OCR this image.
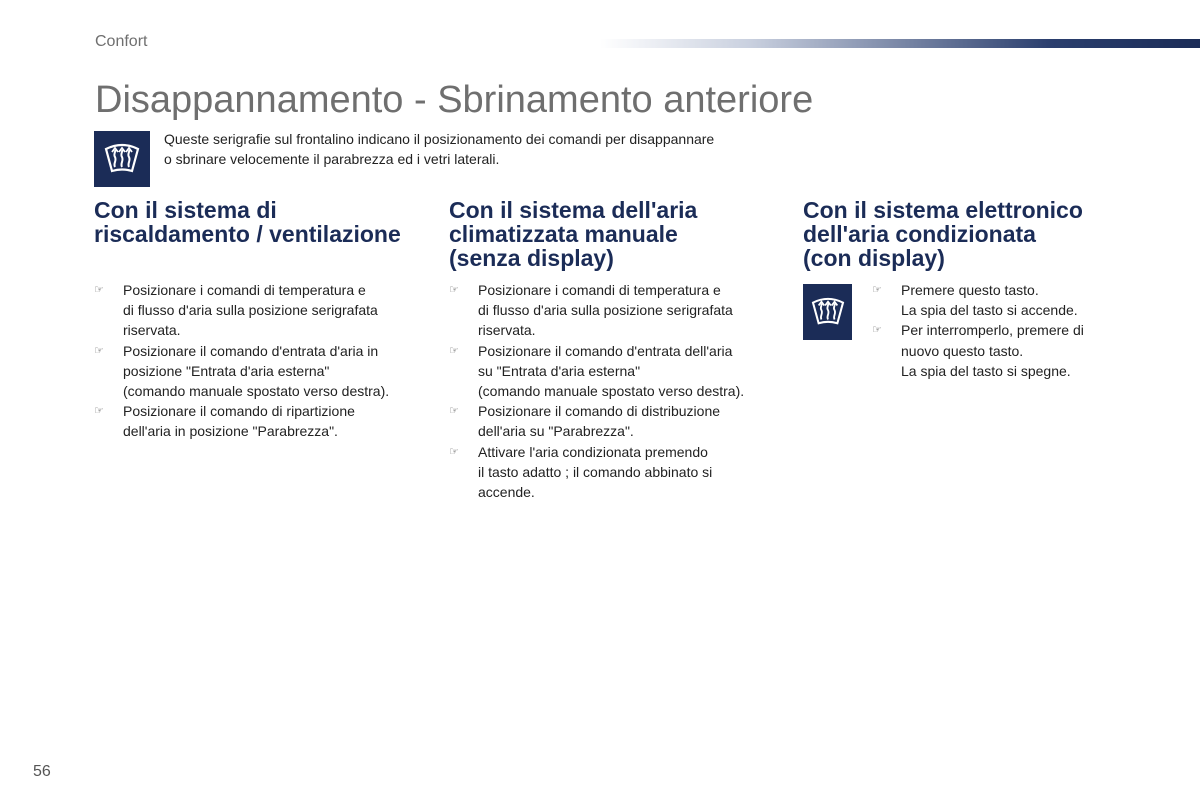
Confort
Disappannamento - Sbrinamento anteriore
Queste serigrafie sul frontalino indicano il posizionamento dei comandi per disappannare
o sbrinare velocemente il parabrezza ed i vetri laterali.
Con il sistema di
riscaldamento / ventilazione
☞ Posizionare i comandi di temperatura e
di flusso d'aria sulla posizione serigrafata
riservata.
☞ Posizionare il comando d'entrata d'aria in
posizione "Entrata d'aria esterna"
(comando manuale spostato verso destra).
☞ Posizionare il comando di ripartizione
dell'aria in posizione "Parabrezza".
Con il sistema dell'aria
climatizzata manuale
(senza display)
☞ Posizionare i comandi di temperatura e
di flusso d'aria sulla posizione serigrafata
riservata.
☞ Posizionare il comando d'entrata dell'aria
su "Entrata d'aria esterna"
(comando manuale spostato verso destra).
☞ Posizionare il comando di distribuzione
dell'aria su "Parabrezza".
☞ Attivare l'aria condizionata premendo
il tasto adatto ; il comando abbinato si
accende.
Con il sistema elettronico
dell'aria condizionata
(con display)
☞ Premere questo tasto.
La spia del tasto si accende.
☞ Per interromperlo, premere di
nuovo questo tasto.
La spia del tasto si spegne.
56
